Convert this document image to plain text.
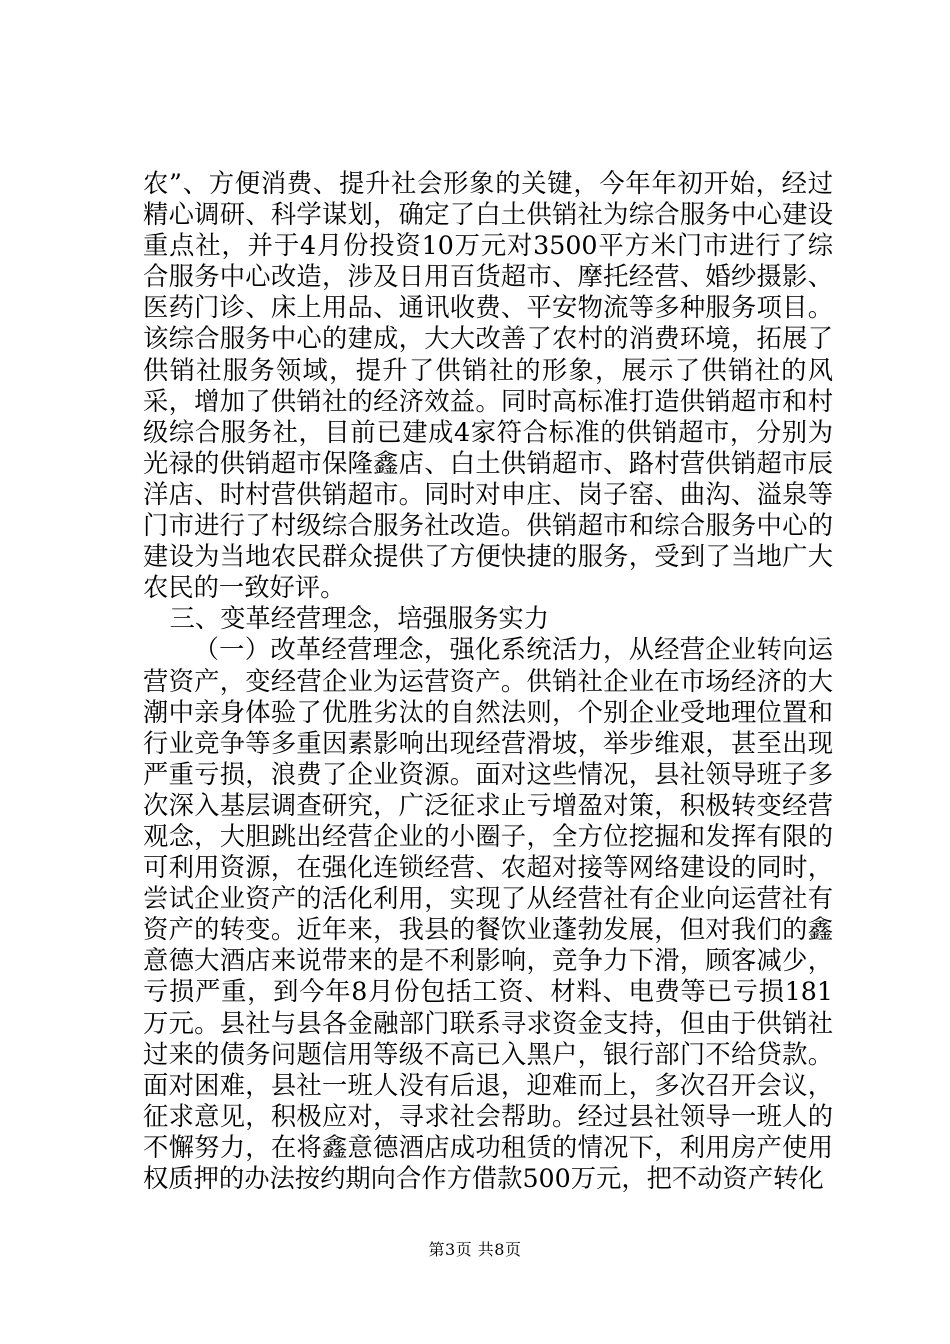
农”、方便消费、提升社会形象的关键，今年年初开始，经过精心调研、科学谋划，确定了白土供销社为综合服务中心建设重点社，并于4月份投资10万元对3500平方米门市进行了综合服务中心改造，涉及日用百货超市、摩托经营、婚纱摄影、医药门诊、床上用品、通讯收费、平安物流等多种服务项目。该综合服务中心的建成，大大改善了农村的消费环境，拓展了供销社服务领域，提升了供销社的形象，展示了供销社的风采，增加了供销社的经济效益。同时高标准打造供销超市和村级综合服务社，目前已建成4家符合标准的供销超市，分别为光禄的供销超市保隆鑫店、白土供销超市、路村营供销超市辰洋店、时村营供销超市。同时对申庄、岗子窑、曲沟、溢泉等门市进行了村级综合服务社改造。供销超市和综合服务中心的建设为当地农民群众提供了方便快捷的服务，受到了当地广大农民的一致好评。

三、变革经营理念，培强服务实力

（一）改革经营理念，强化系统活力，从经营企业转向运营资产，变经营企业为运营资产。供销社企业在市场经济的大潮中亲身体验了优胜劣汰的自然法则，个别企业受地理位置和行业竞争等多重因素影响出现经营滑坡，举步维艰，甚至出现严重亏损，浪费了企业资源。面对这些情况，县社领导班子多次深入基层调查研究，广泛征求止亏增盈对策，积极转变经营观念，大胆跳出经营企业的小圈子，全方位挖掘和发挥有限的可利用资源，在强化连锁经营、农超对接等网络建设的同时，尝试企业资产的活化利用，实现了从经营社有企业向运营社有资产的转变。近年来，我县的餐饮业蓬勃发展，但对我们的鑫意德大酒店来说带来的是不利影响，竞争力下滑，顾客减少，亏损严重，到今年8月份包括工资、材料、电费等已亏损181万元。县社与县各金融部门联系寻求资金支持，但由于供销社过来的债务问题信用等级不高已入黑户，银行部门不给贷款。面对困难，县社一班人没有后退，迎难而上，多次召开会议，征求意见，积极应对，寻求社会帮助。经过县社领导一班人的不懈努力，在将鑫意德酒店成功租赁的情况下，利用房产使用权质押的办法按约期向合作方借款500万元，把不动资产转化

第3页 共8页
